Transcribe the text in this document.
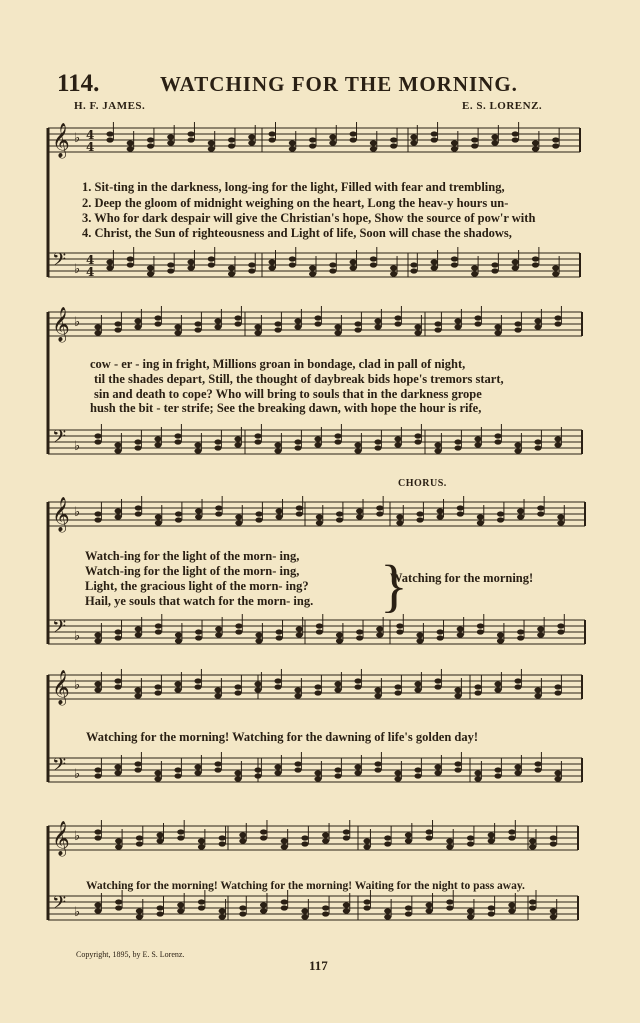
114.	WATCHING FOR THE MORNING.
H. F. JAMES.	E. S. LORENZ.
𝄞 ♭ 4
4
𝄢 ♭
4
4
1. Sit-ting in the darkness, long-ing for the light, Filled with fear and trembling,
2. Deep the gloom of midnight weighing on the heart, Long the heav-y hours un-
3. Who for dark despair will give the Christian's hope, Show the source of pow'r with
4. Christ, the Sun of righteousness and Light of life, Soon will chase the shadows,
𝄞 ♭
𝄢 ♭
cow - er - ing in fright, Millions groan in bondage, clad in pall of night,
til the shades depart, Still, the thought of daybreak bids hope's tremors start,
sin and death to cope? Who will bring to souls that in the darkness grope
hush the bit - ter strife; See the breaking dawn, with hope the hour is rife,
CHORUS.
𝄞 ♭
𝄢 ♭
Watch-ing for the light of the morn- ing,
Watch-ing for the light of the morn- ing,
Light, the gracious light of the morn- ing?
Hail, ye souls that watch for the morn- ing. }
Watching for the morning!
𝄞 ♭
𝄢 ♭
Watching for the morning! Watching for the dawning of life's golden day!
𝄞 ♭
𝄢 ♭
Watching for the morning! Watching for the morning! Waiting for the night to pass away.
Copyright, 1895, by E. S. Lorenz.
117
